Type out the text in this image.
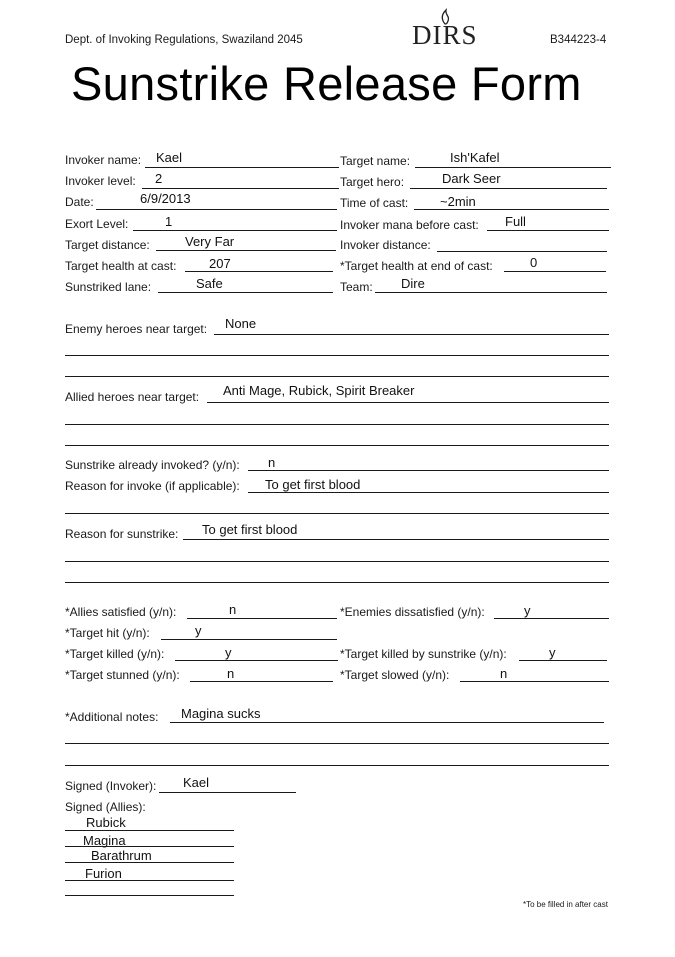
Dept. of Invoking Regulations, Swaziland 2045	DIRS	B344223-4
Sunstrike Release Form
Invoker name: Kael	Target name:	Ish'Kafel
Invoker level: 2	Target hero:	Dark Seer
Date:	6/9/2013	Time of cast: ~2min
Exort Level:	1	Invoker mana before cast: Full
Target distance:	Very Far	Invoker distance:
Target health at cast:	207	*Target health at end of cast:	0
Sunstriked lane:	Safe	Team: Dire
Enemy heroes near target: None
Allied heroes near target: Anti Mage, Rubick, Spirit Breaker
Sunstrike already invoked? (y/n): n
Reason for invoke (if applicable): To get first blood
Reason for sunstrike: To get first blood
*Allies satisfied (y/n):	n	*Enemies dissatisfied (y/n):	y
*Target hit (y/n):	y
*Target killed (y/n):	y	*Target killed by sunstrike (y/n):	y
*Target stunned (y/n):	n	*Target slowed (y/n):	n
*Additional notes: Magina sucks
Signed (Invoker): Kael
Signed (Allies):
Rubick
Magina
Barathrum
Furion
*To be filled in after cast
